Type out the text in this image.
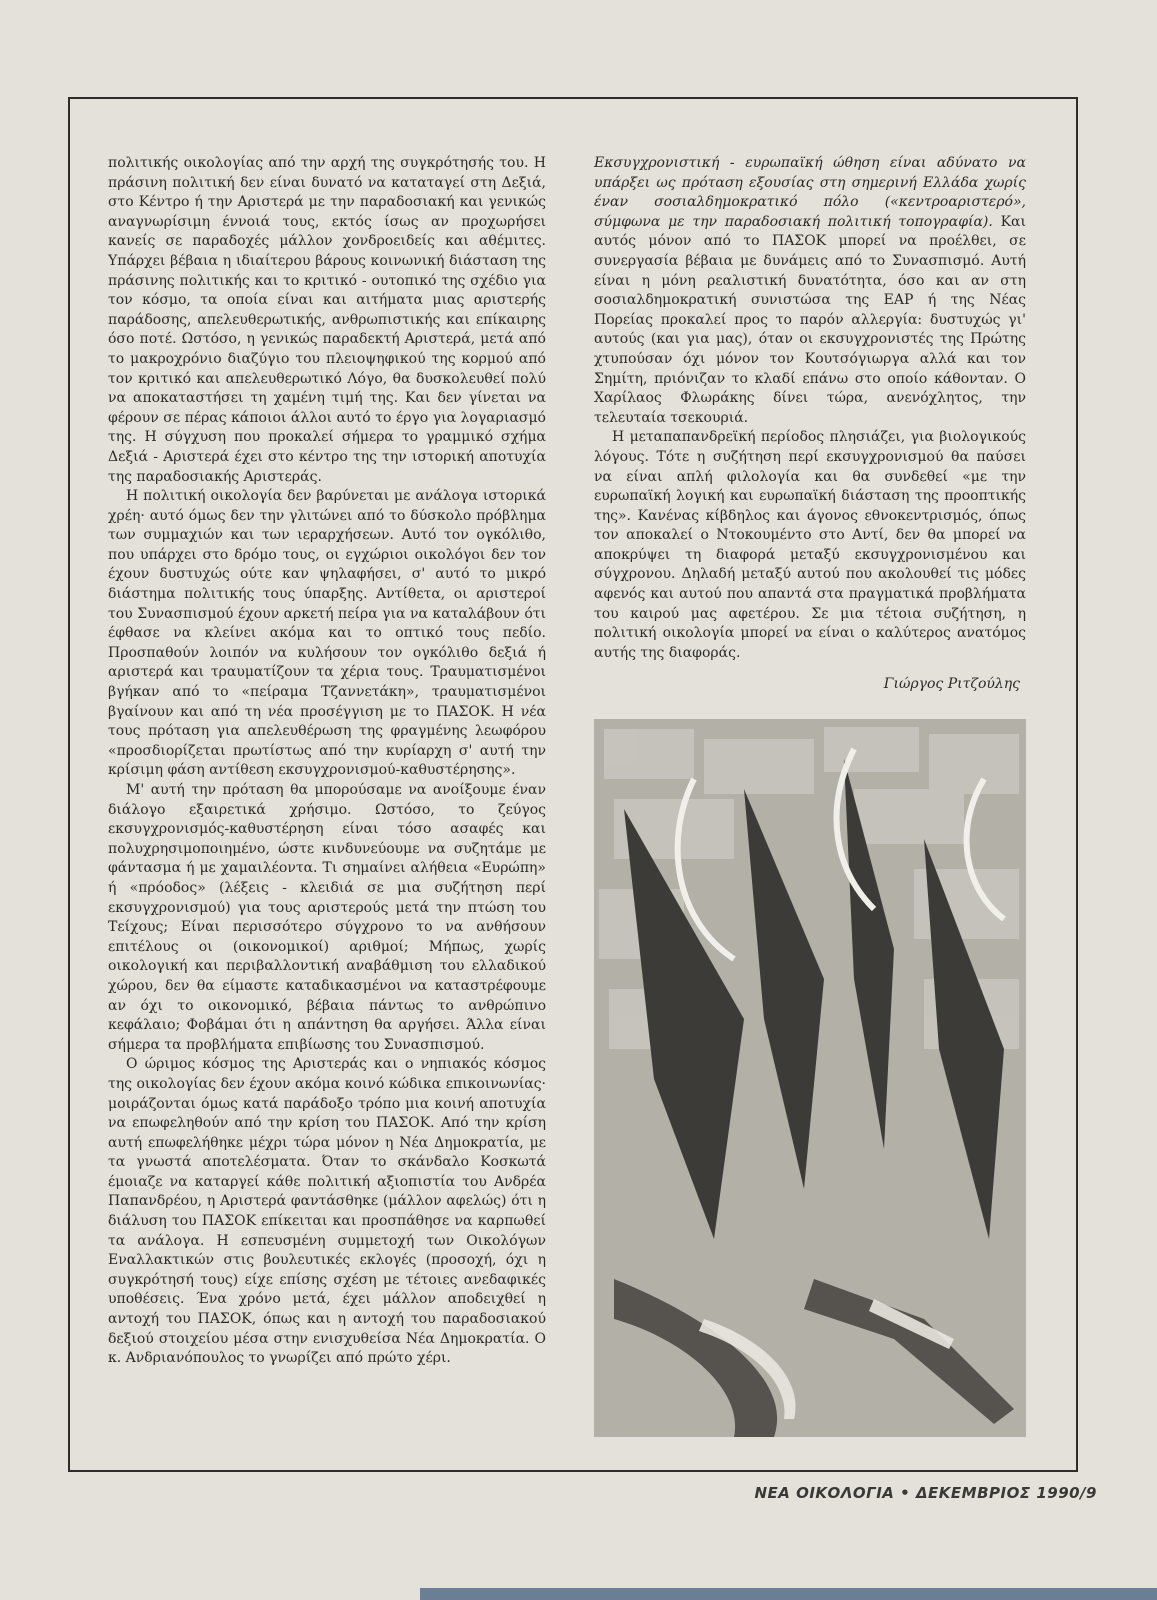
πολιτικής οικολογίας από την αρχή της συγκρότησής του. Η πράσινη πολιτική δεν είναι δυνατό να καταταγεί στη Δεξιά, στο Κέντρο ή την Αριστερά με την παραδοσιακή και γενικώς αναγνωρίσιμη έννοιά τους, εκτός ίσως αν προχωρήσει κανείς σε παραδοχές μάλλον χονδροειδείς και αθέμιτες. Υπάρχει βέβαια η ιδιαίτερου βάρους κοινωνική διάσταση της πράσινης πολιτικής και το κριτικό - ουτοπικό της σχέδιο για τον κόσμο, τα οποία είναι και αιτήματα μιας αριστερής παράδοσης, απελευθερωτικής, ανθρωπιστικής και επίκαιρης όσο ποτέ. Ωστόσο, η γενικώς παραδεκτή Αριστερά, μετά από το μακροχρόνιο διαζύγιο του πλειοψηφικού της κορμού από τον κριτικό και απελευθερωτικό Λόγο, θα δυσκολευθεί πολύ να αποκαταστήσει τη χαμένη τιμή της. Και δεν γίνεται να φέρουν σε πέρας κάποιοι άλλοι αυτό το έργο για λογαριασμό της. Η σύγχυση που προκαλεί σήμερα το γραμμικό σχήμα Δεξιά - Αριστερά έχει στο κέντρο της την ιστορική αποτυχία της παραδοσιακής Αριστεράς.

Η πολιτική οικολογία δεν βαρύνεται με ανάλογα ιστορικά χρέη· αυτό όμως δεν την γλιτώνει από το δύσκολο πρόβλημα των συμμαχιών και των ιεραρχήσεων. Αυτό τον ογκόλιθο, που υπάρχει στο δρόμο τους, οι εγχώριοι οικολόγοι δεν τον έχουν δυστυχώς ούτε καν ψηλαφήσει, σ' αυτό το μικρό διάστημα πολιτικής τους ύπαρξης. Αντίθετα, οι αριστεροί του Συνασπισμού έχουν αρκετή πείρα για να καταλάβουν ότι έφθασε να κλείνει ακόμα και το οπτικό τους πεδίο. Προσπαθούν λοιπόν να κυλήσουν τον ογκόλιθο δεξιά ή αριστερά και τραυματίζουν τα χέρια τους. Τραυματισμένοι βγήκαν από το «πείραμα Τζαννετάκη», τραυματισμένοι βγαίνουν και από τη νέα προσέγγιση με το ΠΑΣΟΚ. Η νέα τους πρόταση για απελευθέρωση της φραγμένης λεωφόρου «προσδιορίζεται πρωτίστως από την κυρίαρχη σ' αυτή την κρίσιμη φάση αντίθεση εκσυγχρονισμού-καθυστέρησης».

Μ' αυτή την πρόταση θα μπορούσαμε να ανοίξουμε έναν διάλογο εξαιρετικά χρήσιμο. Ωστόσο, το ζεύγος εκσυγχρονισμός-καθυστέρηση είναι τόσο ασαφές και πολυχρησιμοποιημένο, ώστε κινδυνεύουμε να συζητάμε με φάντασμα ή με χαμαιλέοντα. Τι σημαίνει αλήθεια «Ευρώπη» ή «πρόοδος» (λέξεις - κλειδιά σε μια συζήτηση περί εκσυγχρονισμού) για τους αριστερούς μετά την πτώση του Τείχους; Είναι περισσότερο σύγχρονο το να ανθήσουν επιτέλους οι (οικονομικοί) αριθμοί; Μήπως, χωρίς οικολογική και περιβαλλοντική αναβάθμιση του ελλαδικού χώρου, δεν θα είμαστε καταδικασμένοι να καταστρέφουμε αν όχι το οικονομικό, βέβαια πάντως το ανθρώπινο κεφάλαιο; Φοβάμαι ότι η απάντηση θα αργήσει. Άλλα είναι σήμερα τα προβλήματα επιβίωσης του Συνασπισμού.

Ο ώριμος κόσμος της Αριστεράς και ο νηπιακός κόσμος της οικολογίας δεν έχουν ακόμα κοινό κώδικα επικοινωνίας· μοιράζονται όμως κατά παράδοξο τρόπο μια κοινή αποτυχία να επωφεληθούν από την κρίση του ΠΑΣΟΚ. Από την κρίση αυτή επωφελήθηκε μέχρι τώρα μόνον η Νέα Δημοκρατία, με τα γνωστά αποτελέσματα. Όταν το σκάνδαλο Κοσκωτά έμοιαζε να καταργεί κάθε πολιτική αξιοπιστία του Ανδρέα Παπανδρέου, η Αριστερά φαντάσθηκε (μάλλον αφελώς) ότι η διάλυση του ΠΑΣΟΚ επίκειται και προσπάθησε να καρπωθεί τα ανάλογα. Η εσπευσμένη συμμετοχή των Οικολόγων Εναλλακτικών στις βουλευτικές εκλογές (προσοχή, όχι η συγκρότησή τους) είχε επίσης σχέση με τέτοιες ανεδαφικές υποθέσεις. Ένα χρόνο μετά, έχει μάλλον αποδειχθεί η αντοχή του ΠΑΣΟΚ, όπως και η αντοχή του παραδοσιακού δεξιού στοιχείου μέσα στην ενισχυθείσα Νέα Δημοκρατία. Ο κ. Ανδριανόπουλος το γνωρίζει από πρώτο χέρι.

Εκσυγχρονιστική - ευρωπαϊκή ώθηση είναι αδύνατο να υπάρξει ως πρόταση εξουσίας στη σημερινή Ελλάδα χωρίς έναν σοσιαλδημοκρατικό πόλο («κεντροαριστερό», σύμφωνα με την παραδοσιακή πολιτική τοπογραφία). Και αυτός μόνον από το ΠΑΣΟΚ μπορεί να προέλθει, σε συνεργασία βέβαια με δυνάμεις από το Συνασπισμό. Αυτή είναι η μόνη ρεαλιστική δυνατότητα, όσο και αν στη σοσιαλδημοκρατική συνιστώσα της ΕΑΡ ή της Νέας Πορείας προκαλεί προς το παρόν αλλεργία: δυστυχώς γι' αυτούς (και για μας), όταν οι εκσυγχρονιστές της Πρώτης χτυπούσαν όχι μόνον τον Κουτσόγιωργα αλλά και τον Σημίτη, πριόνιζαν το κλαδί επάνω στο οποίο κάθονταν. Ο Χαρίλαος Φλωράκης δίνει τώρα, ανενόχλητος, την τελευταία τσεκουριά.

Η μεταπαπανδρεϊκή περίοδος πλησιάζει, για βιολογικούς λόγους. Τότε η συζήτηση περί εκσυγχρονισμού θα παύσει να είναι απλή φιλολογία και θα συνδεθεί «με την ευρωπαϊκή λογική και ευρωπαϊκή διάσταση της προοπτικής της». Κανένας κίβδηλος και άγονος εθνοκεντρισμός, όπως τον αποκαλεί ο Ντοκουμέντο στο Αντί, δεν θα μπορεί να αποκρύψει τη διαφορά μεταξύ εκσυγχρονισμένου και σύγχρονου. Δηλαδή μεταξύ αυτού που ακολουθεί τις μόδες αφενός και αυτού που απαντά στα πραγματικά προβλήματα του καιρού μας αφετέρου. Σε μια τέτοια συζήτηση, η πολιτική οικολογία μπορεί να είναι ο καλύτερος ανατόμος αυτής της διαφοράς.

Γιώργος Ριτζούλης
ΝΕΑ ΟΙΚΟΛΟΓΙΑ • ΔΕΚΕΜΒΡΙΟΣ 1990/9
